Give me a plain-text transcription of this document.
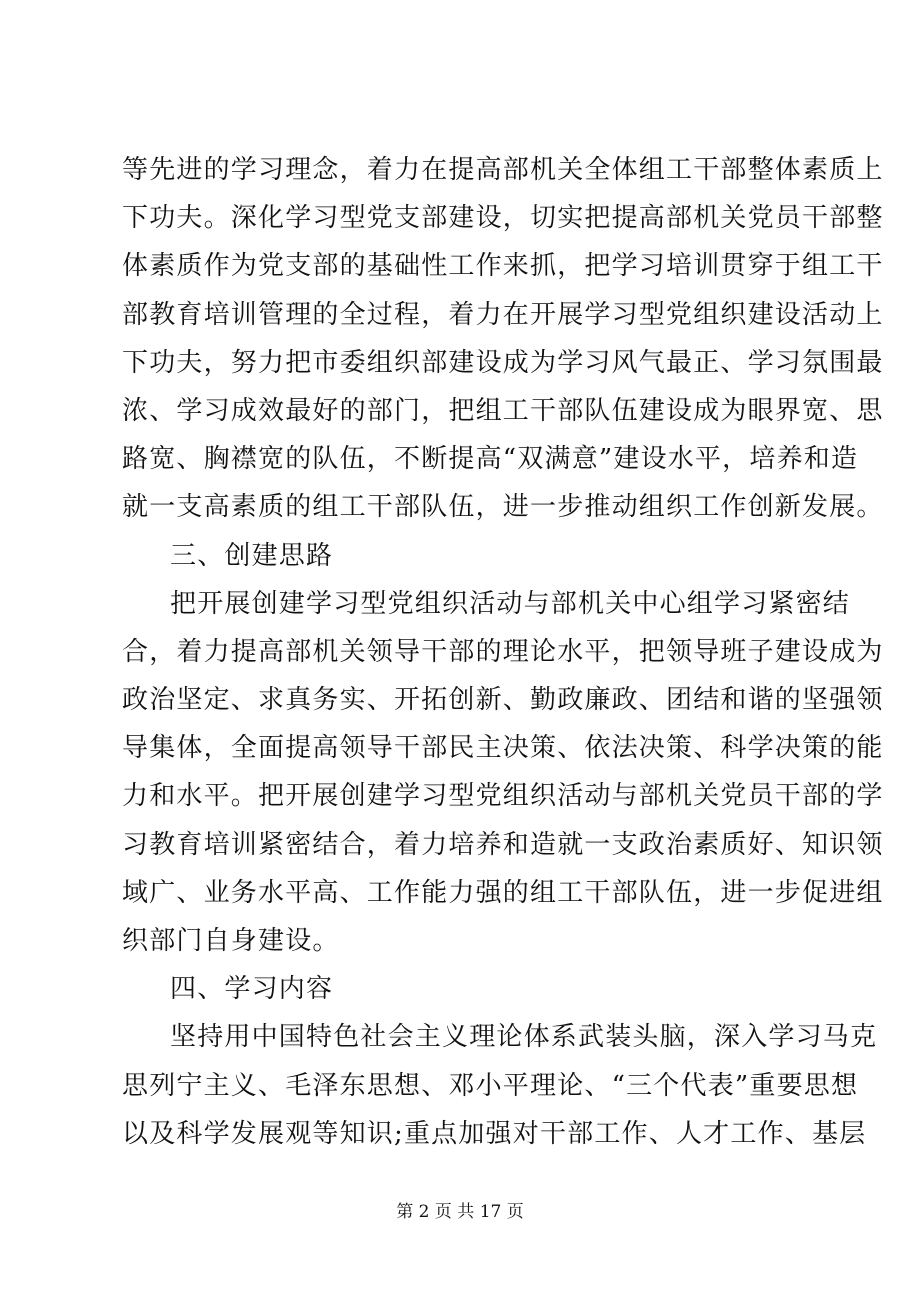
等先进的学习理念，着力在提高部机关全体组工干部整体素质上
下功夫。深化学习型党支部建设，切实把提高部机关党员干部整
体素质作为党支部的基础性工作来抓，把学习培训贯穿于组工干
部教育培训管理的全过程，着力在开展学习型党组织建设活动上
下功夫，努力把市委组织部建设成为学习风气最正、学习氛围最
浓、学习成效最好的部门，把组工干部队伍建设成为眼界宽、思
路宽、胸襟宽的队伍，不断提高“双满意”建设水平，培养和造
就一支高素质的组工干部队伍，进一步推动组织工作创新发展。
三、创建思路
把开展创建学习型党组织活动与部机关中心组学习紧密结
合，着力提高部机关领导干部的理论水平，把领导班子建设成为
政治坚定、求真务实、开拓创新、勤政廉政、团结和谐的坚强领
导集体，全面提高领导干部民主决策、依法决策、科学决策的能
力和水平。把开展创建学习型党组织活动与部机关党员干部的学
习教育培训紧密结合，着力培养和造就一支政治素质好、知识领
域广、业务水平高、工作能力强的组工干部队伍，进一步促进组
织部门自身建设。
四、学习内容
坚持用中国特色社会主义理论体系武装头脑，深入学习马克
思列宁主义、毛泽东思想、邓小平理论、“三个代表”重要思想
以及科学发展观等知识;重点加强对干部工作、人才工作、基层
第 2 页 共 17 页
